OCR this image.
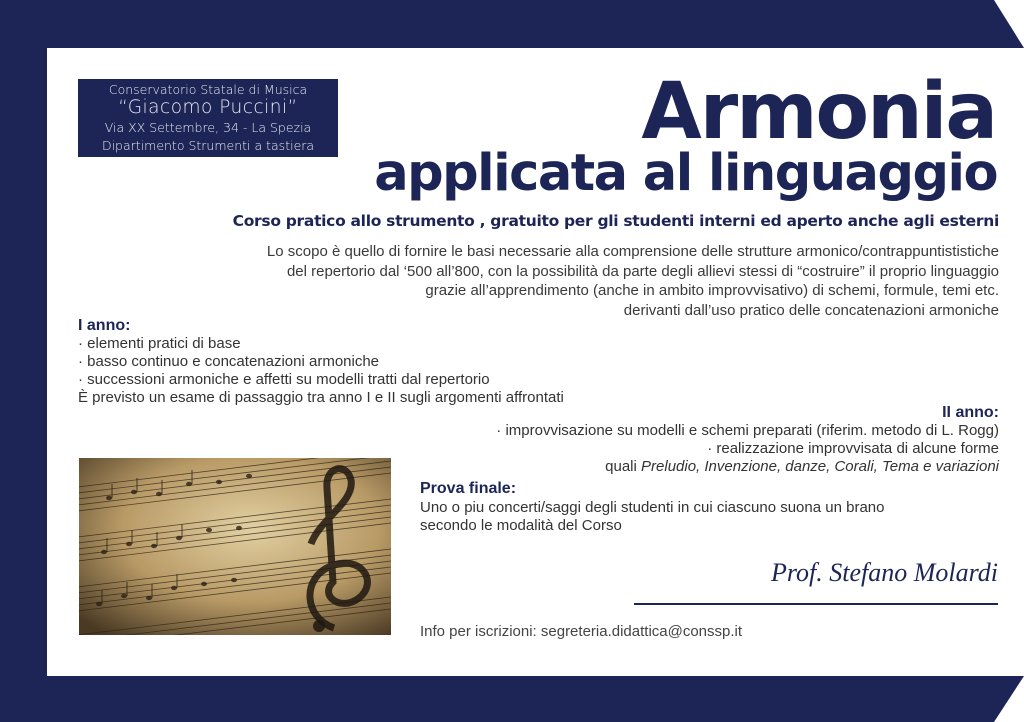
Conservatorio Statale di Musica
“Giacomo Puccini”
Via XX Settembre, 34 - La Spezia
Dipartimento Strumenti a tastiera	Armonia
applicata al linguaggio
Corso pratico allo strumento , gratuito per gli studenti interni ed aperto anche agli esterni
Lo scopo è quello di fornire le basi necessarie alla comprensione delle strutture armonico/contrappuntististiche
del repertorio dal ‘500 all’800, con la possibilità da parte degli allievi stessi di “costruire” il proprio linguaggio
grazie all’apprendimento (anche in ambito improvvisativo) di schemi, formule, temi etc.
derivanti dall’uso pratico delle concatenazioni armoniche
I anno:
· elementi pratici di base
· basso continuo e concatenazioni armoniche
· successioni armoniche e affetti su modelli tratti dal repertorio
È previsto un esame di passaggio tra anno I e II sugli argomenti affrontati
II anno:
· improvvisazione su modelli e schemi preparati (riferim. metodo di L. Rogg)
· realizzazione improvvisata di alcune forme
quali Preludio, Invenzione, danze, Corali, Tema e variazioni
Prova finale:
Uno o piu concerti/saggi degli studenti in cui ciascuno suona un brano
secondo le modalità del Corso
Prof. Stefano Molardi
Info per iscrizioni: segreteria.didattica@conssp.it
